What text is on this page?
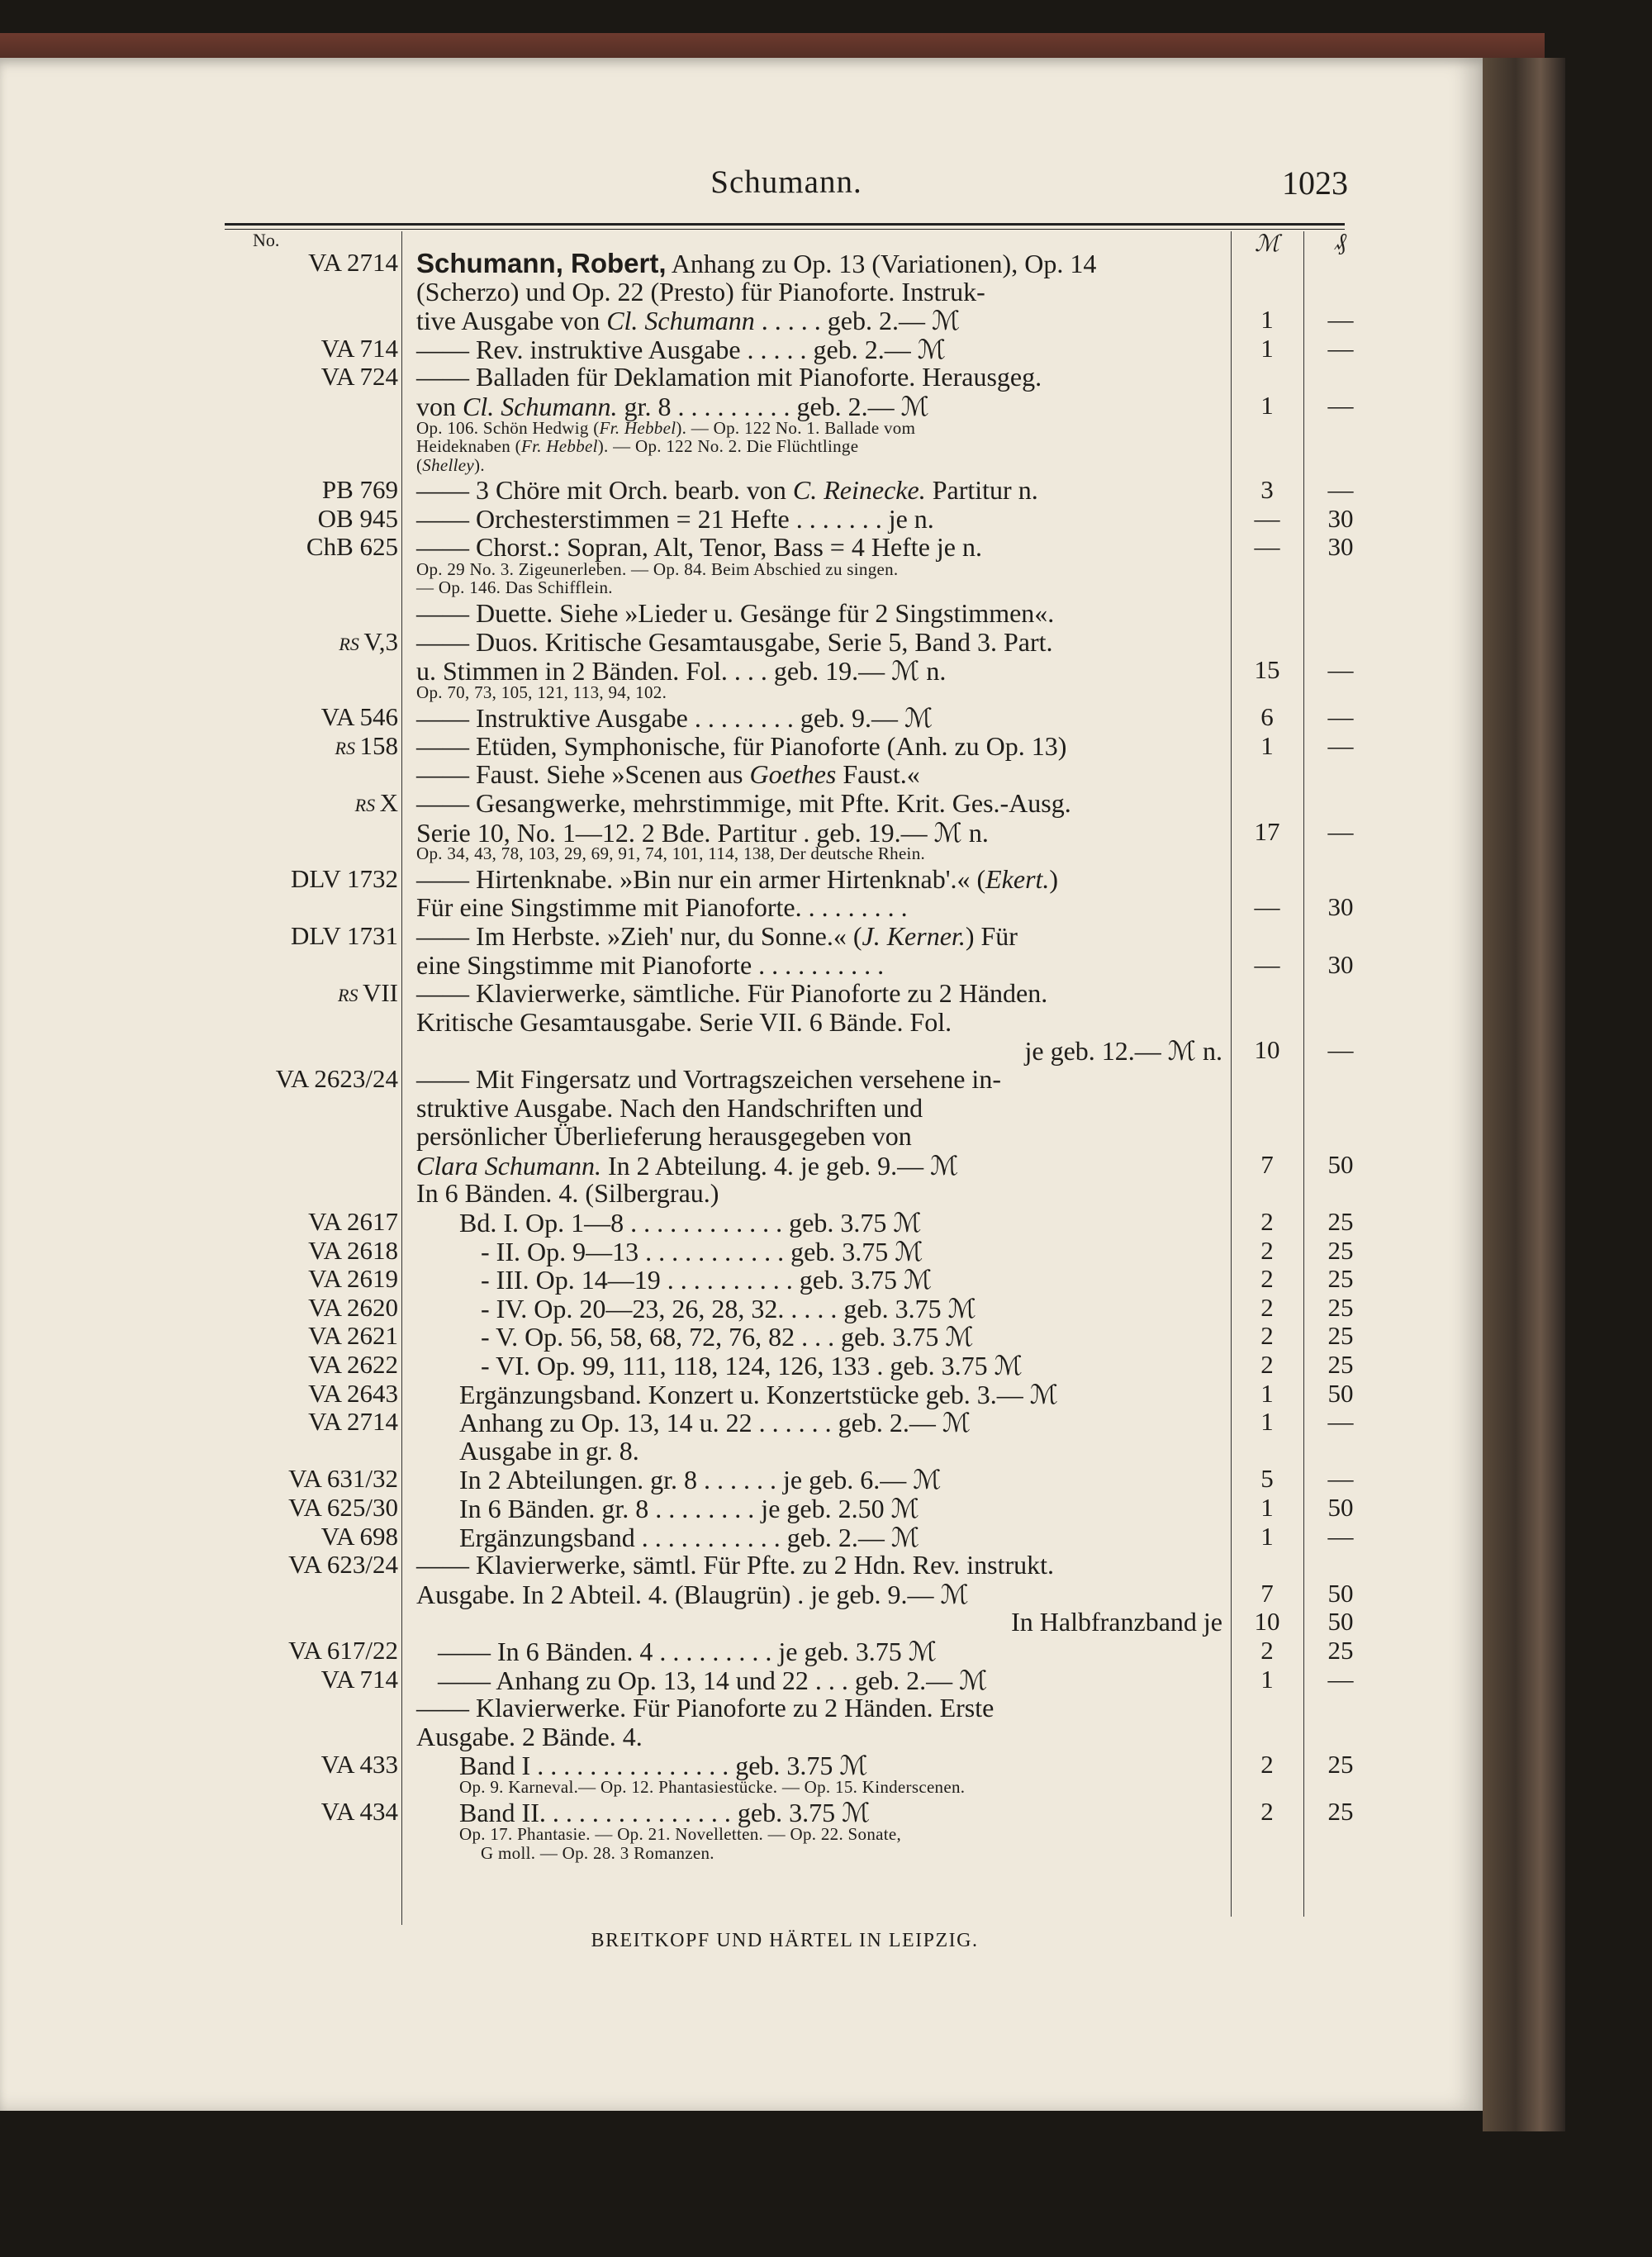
Schumann.	1023
No.	ℳ	₰
VA 2714 Schumann, Robert, Anhang zu Op. 13 (Variationen), Op. 14
(Scherzo) und Op. 22 (Presto) für Pianoforte. Instruk-
tive Ausgabe von Cl. Schumann . . . . . geb. 2.— ℳ	1	—
VA 714 —— Rev. instruktive Ausgabe . . . . . geb. 2.— ℳ	1	—
VA 724 —— Balladen für Deklamation mit Pianoforte. Herausgeg.
von Cl. Schumann. gr. 8 . . . . . . . . . geb. 2.— ℳ	1	—
Op. 106. Schön Hedwig (Fr. Hebbel). — Op. 122 No. 1. Ballade vom
Heideknaben (Fr. Hebbel). — Op. 122 No. 2. Die Flüchtlinge
(Shelley).
PB 769 —— 3 Chöre mit Orch. bearb. von C. Reinecke. Partitur n.	3	—
OB 945 —— Orchesterstimmen = 21 Hefte . . . . . . . je n.	—	30
ChB 625 —— Chorst.: Sopran, Alt, Tenor, Bass = 4 Hefte je n.	—	30
Op. 29 No. 3. Zigeunerleben. — Op. 84. Beim Abschied zu singen.
— Op. 146. Das Schifflein.
—— Duette. Siehe »Lieder u. Gesänge für 2 Singstimmen«.
RS V,3 —— Duos. Kritische Gesamtausgabe, Serie 5, Band 3. Part.
u. Stimmen in 2 Bänden. Fol. . . . geb. 19.— ℳ n.	15	—
Op. 70, 73, 105, 121, 113, 94, 102.
VA 546 —— Instruktive Ausgabe . . . . . . . . geb. 9.— ℳ	6	—
RS 158 —— Etüden, Symphonische, für Pianoforte (Anh. zu Op. 13)	1	—
—— Faust. Siehe »Scenen aus Goethes Faust.«
RS X —— Gesangwerke, mehrstimmige, mit Pfte. Krit. Ges.-Ausg.
Serie 10, No. 1—12. 2 Bde. Partitur . geb. 19.— ℳ n.	17	—
Op. 34, 43, 78, 103, 29, 69, 91, 74, 101, 114, 138, Der deutsche Rhein.
DLV 1732 —— Hirtenknabe. »Bin nur ein armer Hirtenknab'.« (Ekert.)
Für eine Singstimme mit Pianoforte. . . . . . . . .	—	30
DLV 1731 —— Im Herbste. »Zieh' nur, du Sonne.« (J. Kerner.) Für
eine Singstimme mit Pianoforte . . . . . . . . . .	—	30
RS VII —— Klavierwerke, sämtliche. Für Pianoforte zu 2 Händen.
Kritische Gesamtausgabe. Serie VII. 6 Bände. Fol.
je geb. 12.— ℳ n.	10	—
VA 2623/24 —— Mit Fingersatz und Vortragszeichen versehene in-
struktive Ausgabe. Nach den Handschriften und
persönlicher Überlieferung herausgegeben von
Clara Schumann. In 2 Abteilung. 4. je geb. 9.— ℳ	7	50
In 6 Bänden. 4. (Silbergrau.)
VA 2617 Bd. I. Op. 1—8 . . . . . . . . . . . . geb. 3.75 ℳ	2	25
VA 2618	- II. Op. 9—13 . . . . . . . . . . . geb. 3.75 ℳ	2	25
VA 2619	- III. Op. 14—19 . . . . . . . . . . geb. 3.75 ℳ	2	25
VA 2620	- IV. Op. 20—23, 26, 28, 32. . . . . geb. 3.75 ℳ	2	25
VA 2621	- V. Op. 56, 58, 68, 72, 76, 82 . . . geb. 3.75 ℳ	2	25
VA 2622	- VI. Op. 99, 111, 118, 124, 126, 133 . geb. 3.75 ℳ	2	25
VA 2643 Ergänzungsband. Konzert u. Konzertstücke geb. 3.— ℳ	1	50
VA 2714 Anhang zu Op. 13, 14 u. 22 . . . . . . geb. 2.— ℳ	1	—
Ausgabe in gr. 8.
VA 631/32 In 2 Abteilungen. gr. 8 . . . . . . je geb. 6.— ℳ	5	—
VA 625/30 In 6 Bänden. gr. 8 . . . . . . . . je geb. 2.50 ℳ	1	50
VA 698 Ergänzungsband . . . . . . . . . . . geb. 2.— ℳ	1	—
VA 623/24 —— Klavierwerke, sämtl. Für Pfte. zu 2 Hdn. Rev. instrukt.
Ausgabe. In 2 Abteil. 4. (Blaugrün) . je geb. 9.— ℳ	7	50
In Halbfranzband je	10	50
VA 617/22 —— In 6 Bänden. 4 . . . . . . . . . je geb. 3.75 ℳ	2	25
VA 714 —— Anhang zu Op. 13, 14 und 22 . . . geb. 2.— ℳ	1	—
—— Klavierwerke. Für Pianoforte zu 2 Händen. Erste
Ausgabe. 2 Bände. 4.
VA 433 Band I . . . . . . . . . . . . . . . geb. 3.75 ℳ	2	25
Op. 9. Karneval.— Op. 12. Phantasiestücke. — Op. 15. Kinderscenen.
VA 434 Band II. . . . . . . . . . . . . . . geb. 3.75 ℳ	2	25
Op. 17. Phantasie. — Op. 21. Novelletten. — Op. 22. Sonate,
G moll. — Op. 28. 3 Romanzen.
BREITKOPF UND HÄRTEL IN LEIPZIG.
